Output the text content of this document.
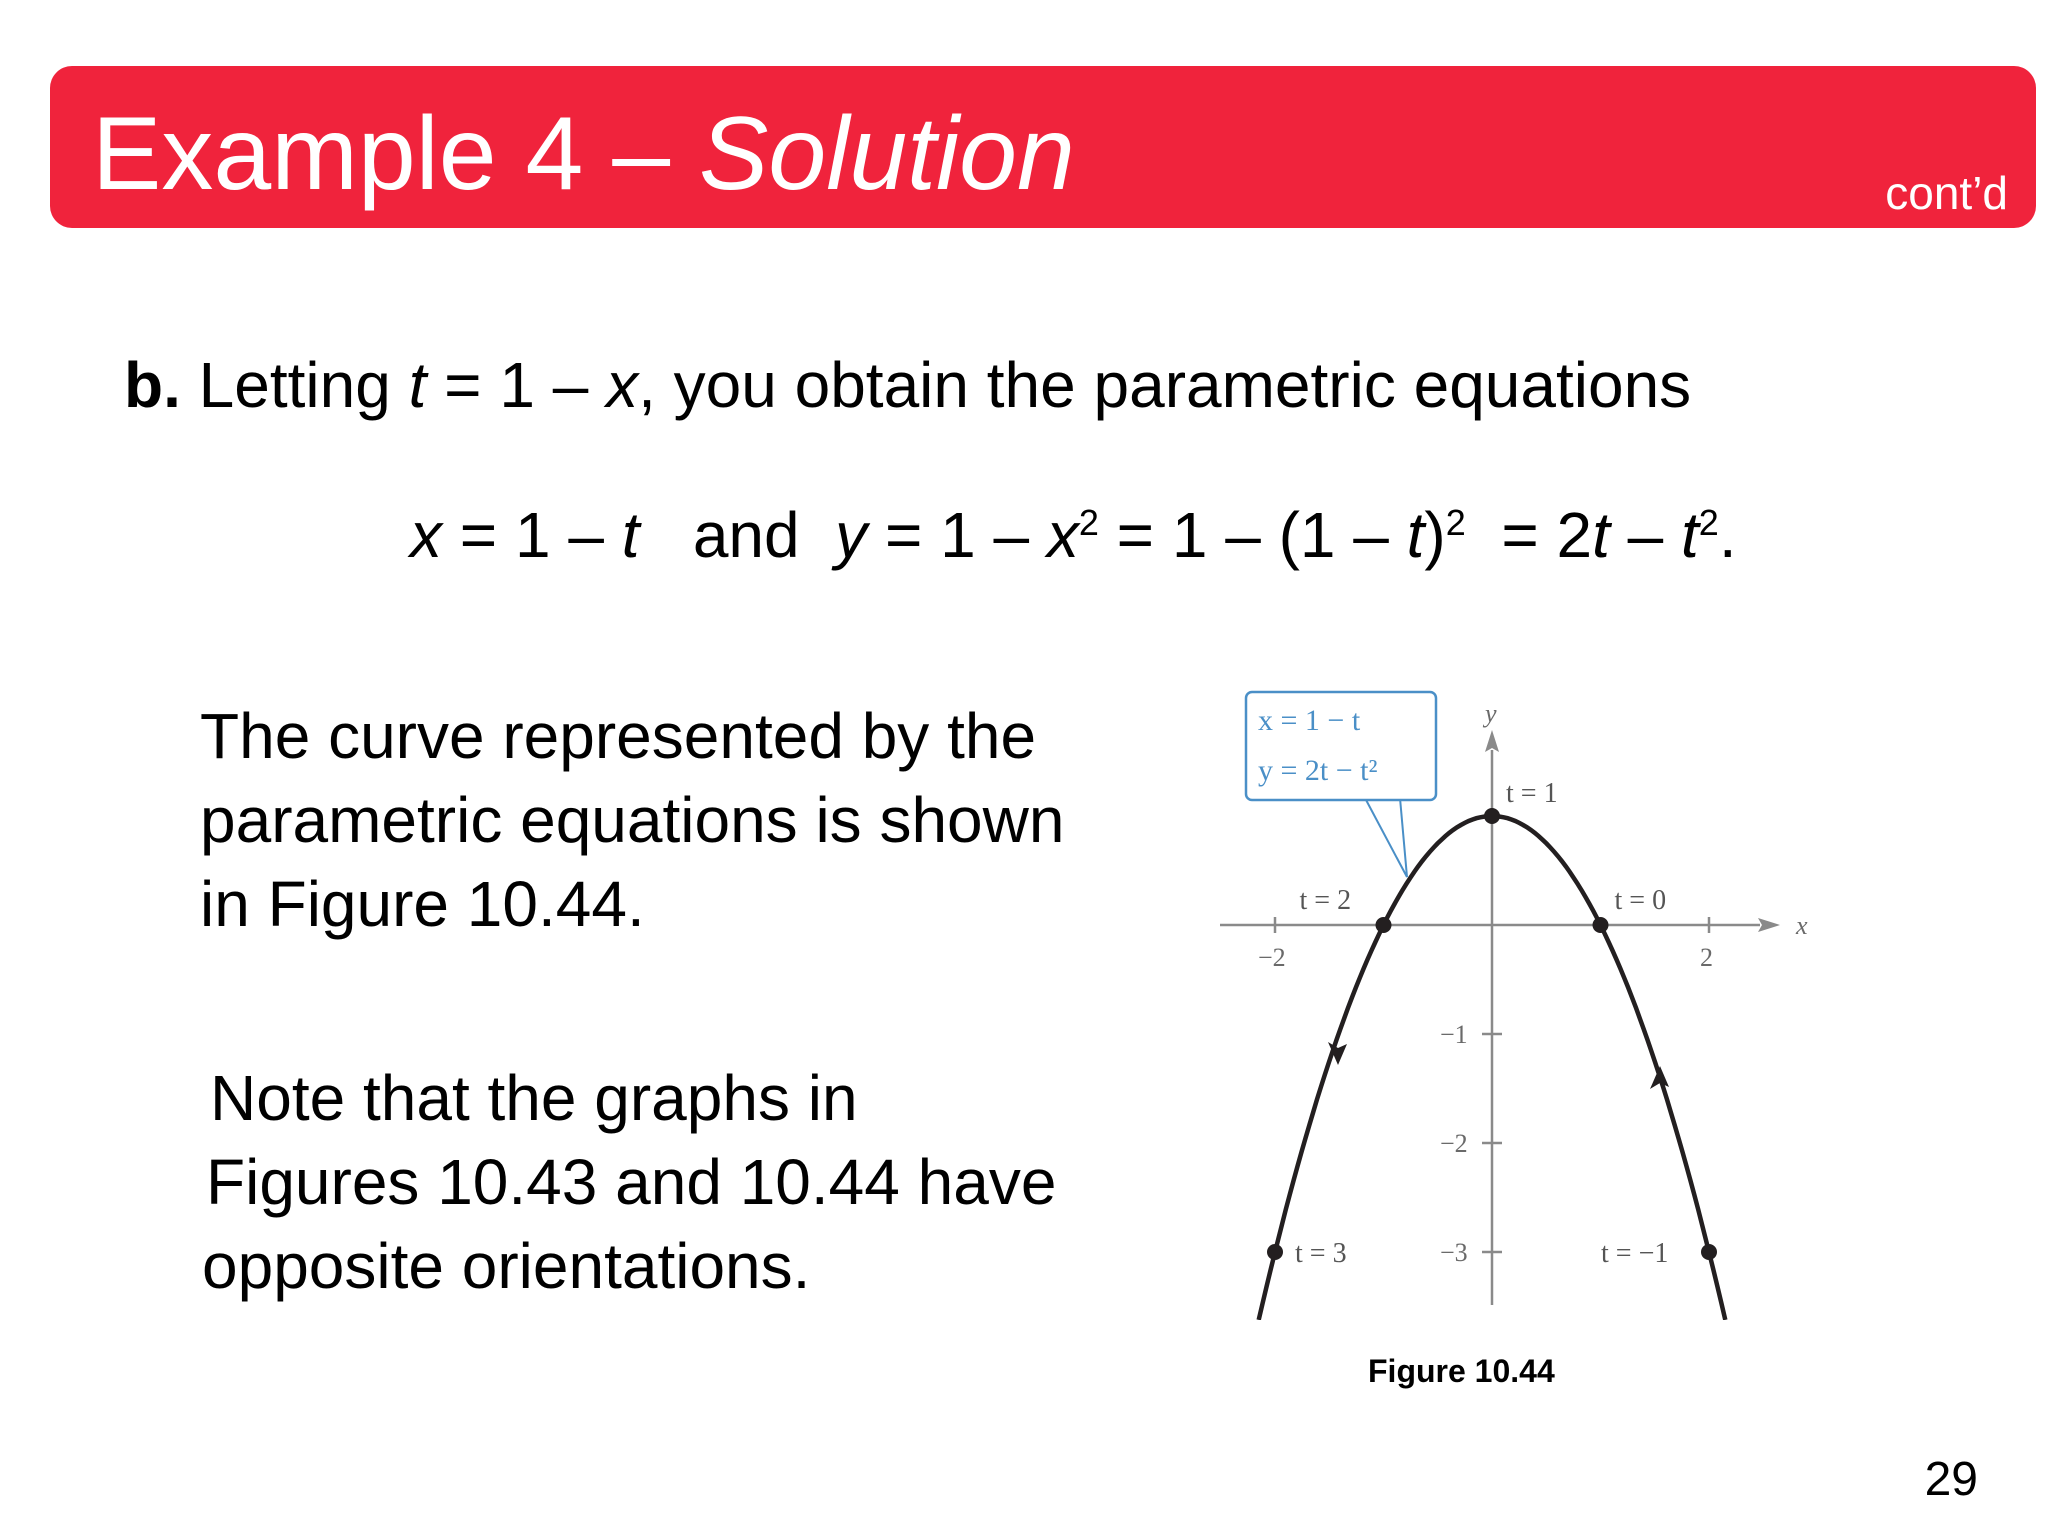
Example 4 – Solution	cont’d
b. Letting t = 1 – x, you obtain the parametric equations
x = 1 – t   and  $y = 1 - x^2 = 1 - (1 - t)^2 = 2t - t^2$.
The curve represented by the
parametric equations is shown
in Figure 10.44.
Note that the graphs in
Figures 10.43 and 10.44 have
opposite orientations.
x
y
−2	2
−1
−2
−3
x = 1 − t
y = 2t − t²
t = 1
t = 2	t = 0
t = 3	t = −1
Figure 10.44
29
